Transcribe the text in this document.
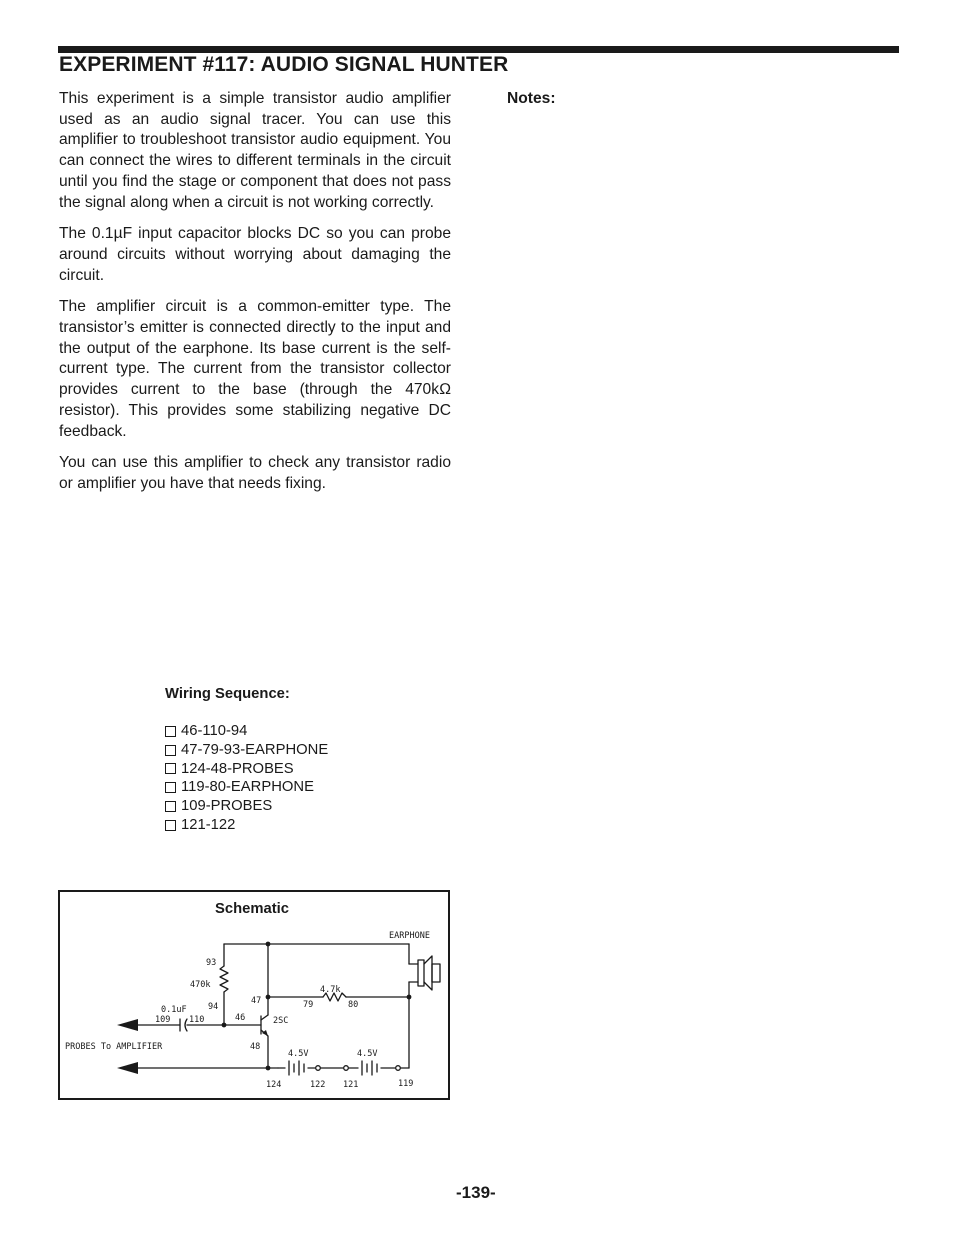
EXPERIMENT #117: AUDIO SIGNAL HUNTER

This experiment is a simple transistor audio amplifier used as an audio signal tracer. You can use this amplifier to troubleshoot transistor audio equipment. You can connect the wires to different terminals in the circuit until you find the stage or component that does not pass the signal along when a circuit is not working correctly.

The 0.1µF input capacitor blocks DC so you can probe around circuits without worrying about damaging the circuit.

The amplifier circuit is a common-emitter type. The transistor’s emitter is connected directly to the input and the output of the earphone. Its base current is the self-current type. The current from the transistor collector provides current to the base (through the 470kΩ resistor). This provides some stabilizing negative DC feedback.

You can use this amplifier to check any transistor radio or amplifier you have that needs fixing.

Notes:
Wiring Sequence:
46-110-94
47-79-93-EARPHONE
124-48-PROBES
119-80-EARPHONE
109-PROBES
121-122
Schematic
EARPHONE
93
470k
94
47
4.7k
79	80
0.1uF
109 110	46	2SC
PROBES To AMPLIFIER	48
4.5V	4.5V
124	122 121	119
-139-
